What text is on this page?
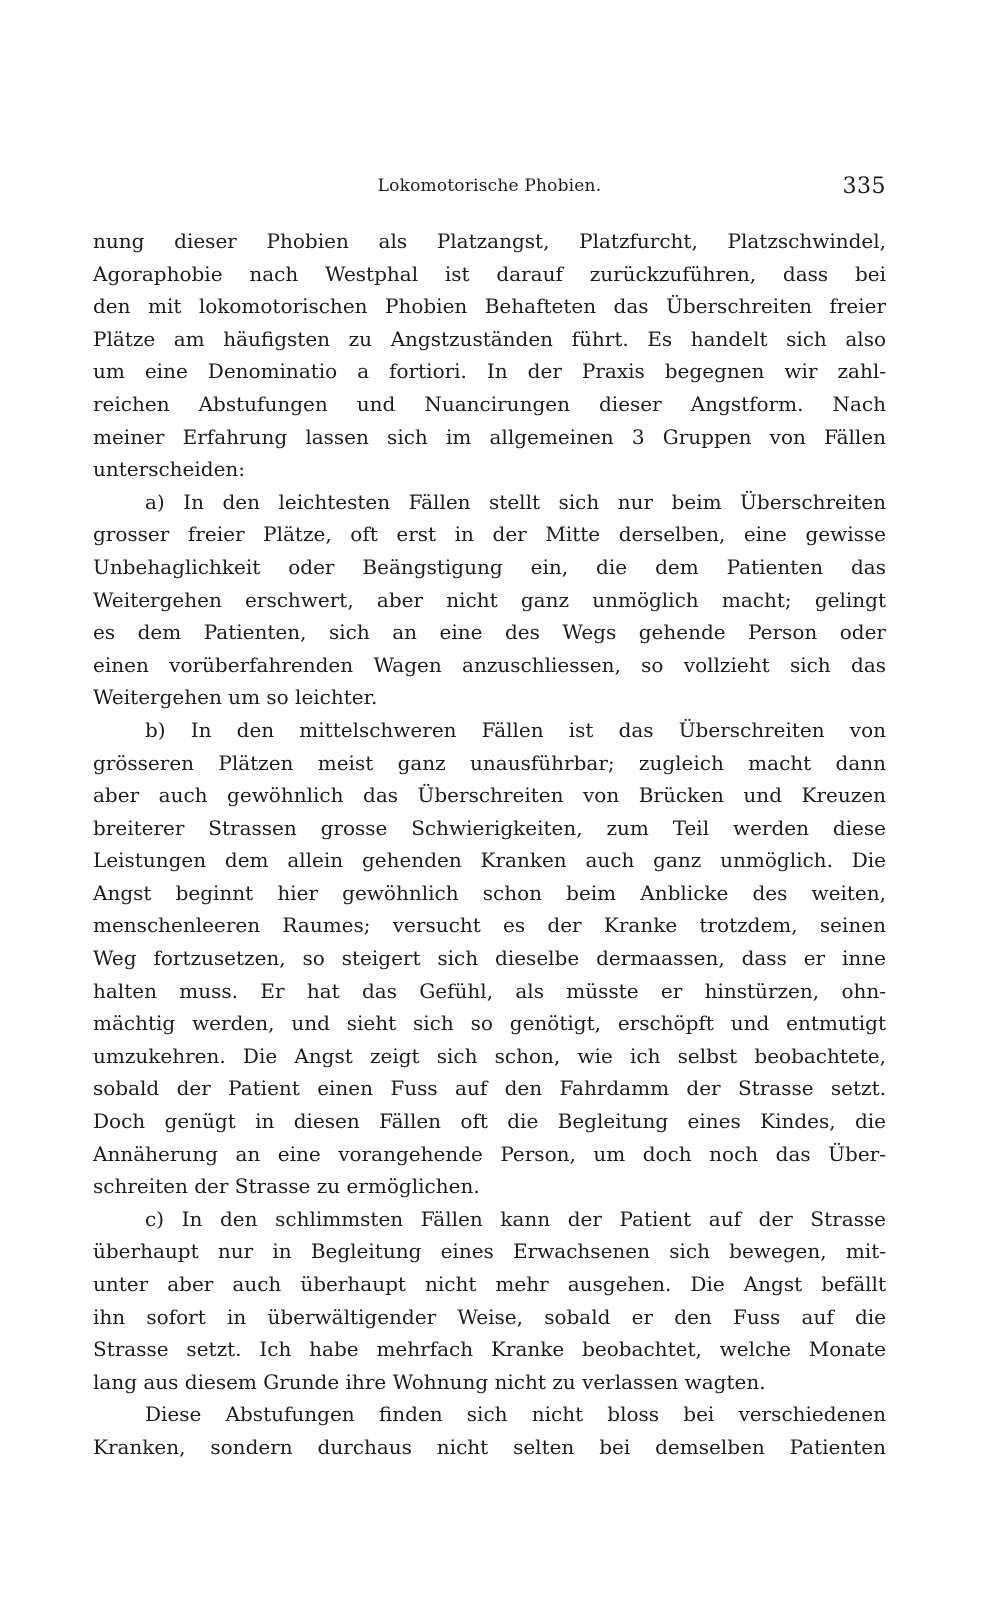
Lokomotorische Phobien.	335
nung dieser Phobien als Platzangst, Platzfurcht, Platzschwindel,
Agoraphobie nach Westphal ist darauf zurückzuführen, dass bei
den mit lokomotorischen Phobien Behafteten das Überschreiten freier
Plätze am häufigsten zu Angstzuständen führt. Es handelt sich also
um eine Denominatio a fortiori. In der Praxis begegnen wir zahl-
reichen Abstufungen und Nuancirungen dieser Angstform. Nach
meiner Erfahrung lassen sich im allgemeinen 3 Gruppen von Fällen
unterscheiden:
a) In den leichtesten Fällen stellt sich nur beim Überschreiten
grosser freier Plätze, oft erst in der Mitte derselben, eine gewisse
Unbehaglichkeit oder Beängstigung ein, die dem Patienten das
Weitergehen erschwert, aber nicht ganz unmöglich macht; gelingt
es dem Patienten, sich an eine des Wegs gehende Person oder
einen vorüberfahrenden Wagen anzuschliessen, so vollzieht sich das
Weitergehen um so leichter.
b) In den mittelschweren Fällen ist das Überschreiten von
grösseren Plätzen meist ganz unausführbar; zugleich macht dann
aber auch gewöhnlich das Überschreiten von Brücken und Kreuzen
breiterer Strassen grosse Schwierigkeiten, zum Teil werden diese
Leistungen dem allein gehenden Kranken auch ganz unmöglich. Die
Angst beginnt hier gewöhnlich schon beim Anblicke des weiten,
menschenleeren Raumes; versucht es der Kranke trotzdem, seinen
Weg fortzusetzen, so steigert sich dieselbe dermaassen, dass er inne
halten muss. Er hat das Gefühl, als müsste er hinstürzen, ohn-
mächtig werden, und sieht sich so genötigt, erschöpft und entmutigt
umzukehren. Die Angst zeigt sich schon, wie ich selbst beobachtete,
sobald der Patient einen Fuss auf den Fahrdamm der Strasse setzt.
Doch genügt in diesen Fällen oft die Begleitung eines Kindes, die
Annäherung an eine vorangehende Person, um doch noch das Über-
schreiten der Strasse zu ermöglichen.
c) In den schlimmsten Fällen kann der Patient auf der Strasse
überhaupt nur in Begleitung eines Erwachsenen sich bewegen, mit-
unter aber auch überhaupt nicht mehr ausgehen. Die Angst befällt
ihn sofort in überwältigender Weise, sobald er den Fuss auf die
Strasse setzt. Ich habe mehrfach Kranke beobachtet, welche Monate
lang aus diesem Grunde ihre Wohnung nicht zu verlassen wagten.
Diese Abstufungen finden sich nicht bloss bei verschiedenen
Kranken, sondern durchaus nicht selten bei demselben Patienten
